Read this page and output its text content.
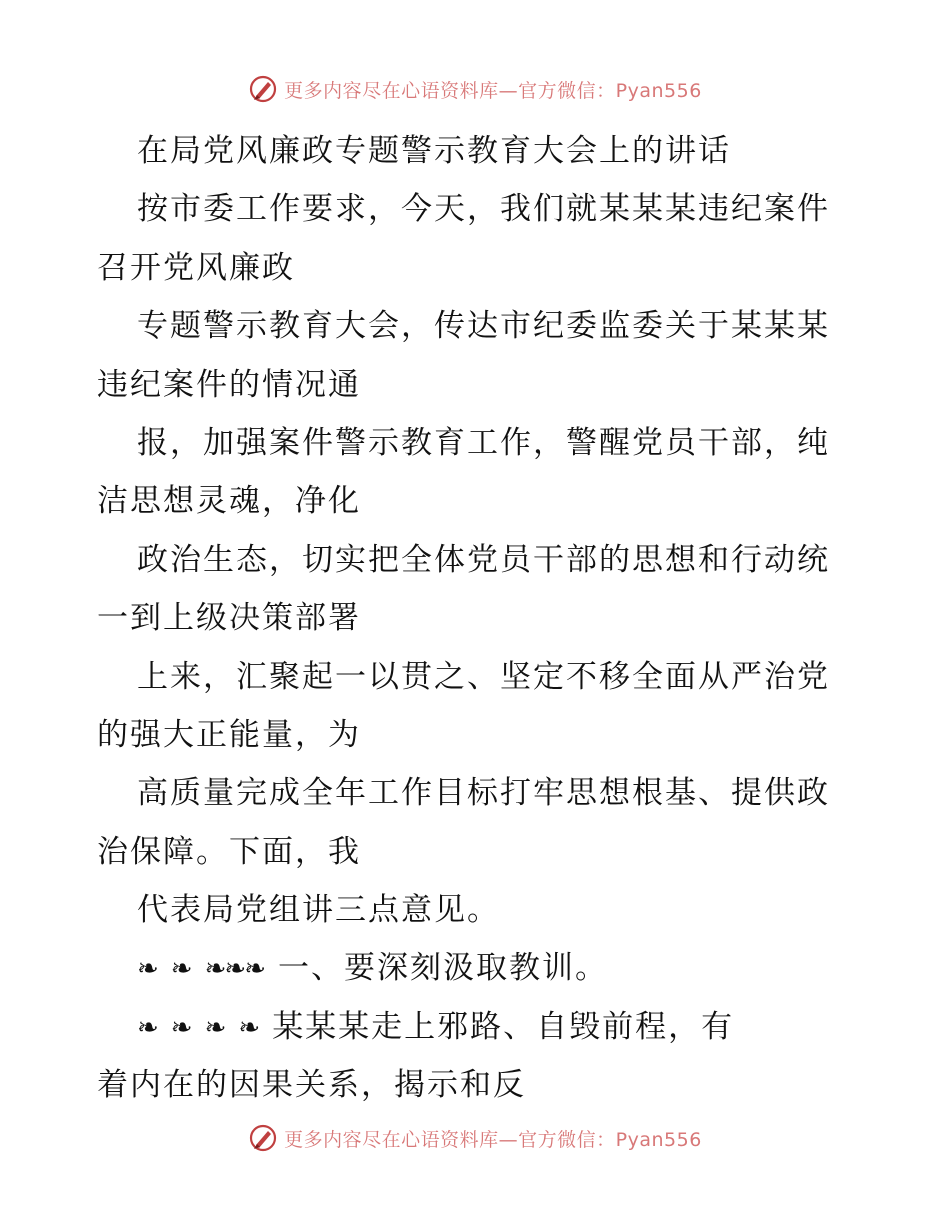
更多内容尽在心语资料库—官方微信：Pyan556
在局党风廉政专题警示教育大会上的讲话
按市委工作要求，今天，我们就某某某违纪案件
召开党风廉政
专题警示教育大会，传达市纪委监委关于某某某
违纪案件的情况通
报，加强案件警示教育工作，警醒党员干部，纯
洁思想灵魂，净化
政治生态，切实把全体党员干部的思想和行动统
一到上级决策部署
上来，汇聚起一以贯之、坚定不移全面从严治党
的强大正能量，为
高质量完成全年工作目标打牢思想根基、提供政
治保障。下面，我
代表局党组讲三点意见。
❧ ❧ ❧❧❧ 一、要深刻汲取教训。
❧ ❧ ❧ ❧ 某某某走上邪路、自毁前程，有
着内在的因果关系，揭示和反
更多内容尽在心语资料库—官方微信：Pyan556
